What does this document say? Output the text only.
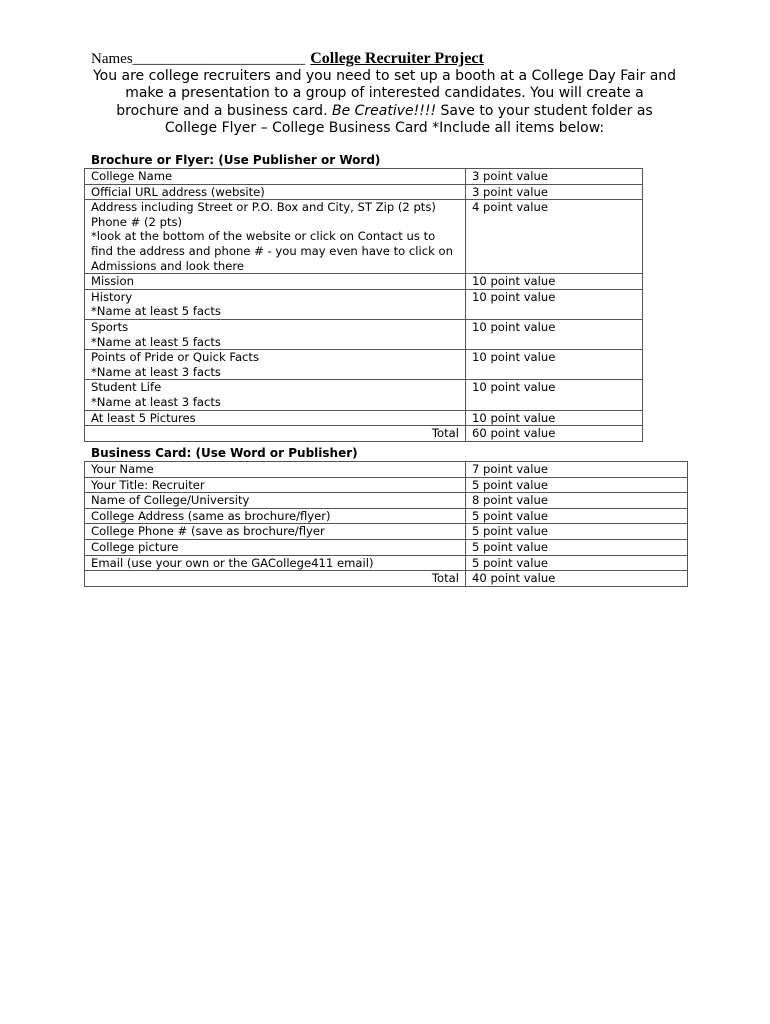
Names_______________________ College Recruiter Project
You are college recruiters and you need to set up a booth at a College Day Fair and make a presentation to a group of interested candidates. You will create a brochure and a business card. Be Creative!!!! Save to your student folder as College Flyer – College Business Card *Include all items below:
Brochure or Flyer: (Use Publisher or Word)
College Name	3 point value
Official URL address (website)	3 point value
Address including Street or P.O. Box and City, ST Zip (2 pts)
Phone # (2 pts)
*look at the bottom of the website or click on Contact us to find the address and phone # - you may even have to click on Admissions and look there	4 point value
Mission	10 point value
History
*Name at least 5 facts	10 point value
Sports
*Name at least 5 facts	10 point value
Points of Pride or Quick Facts
*Name at least 3 facts	10 point value
Student Life
*Name at least 3 facts	10 point value
At least 5 Pictures	10 point value
Total	60 point value
Business Card: (Use Word or Publisher)
Your Name	7 point value
Your Title: Recruiter	5 point value
Name of College/University	8 point value
College Address (same as brochure/flyer)	5 point value
College Phone # (save as brochure/flyer	5 point value
College picture	5 point value
Email (use your own or the GACollege411 email)	5 point value
Total	40 point value
